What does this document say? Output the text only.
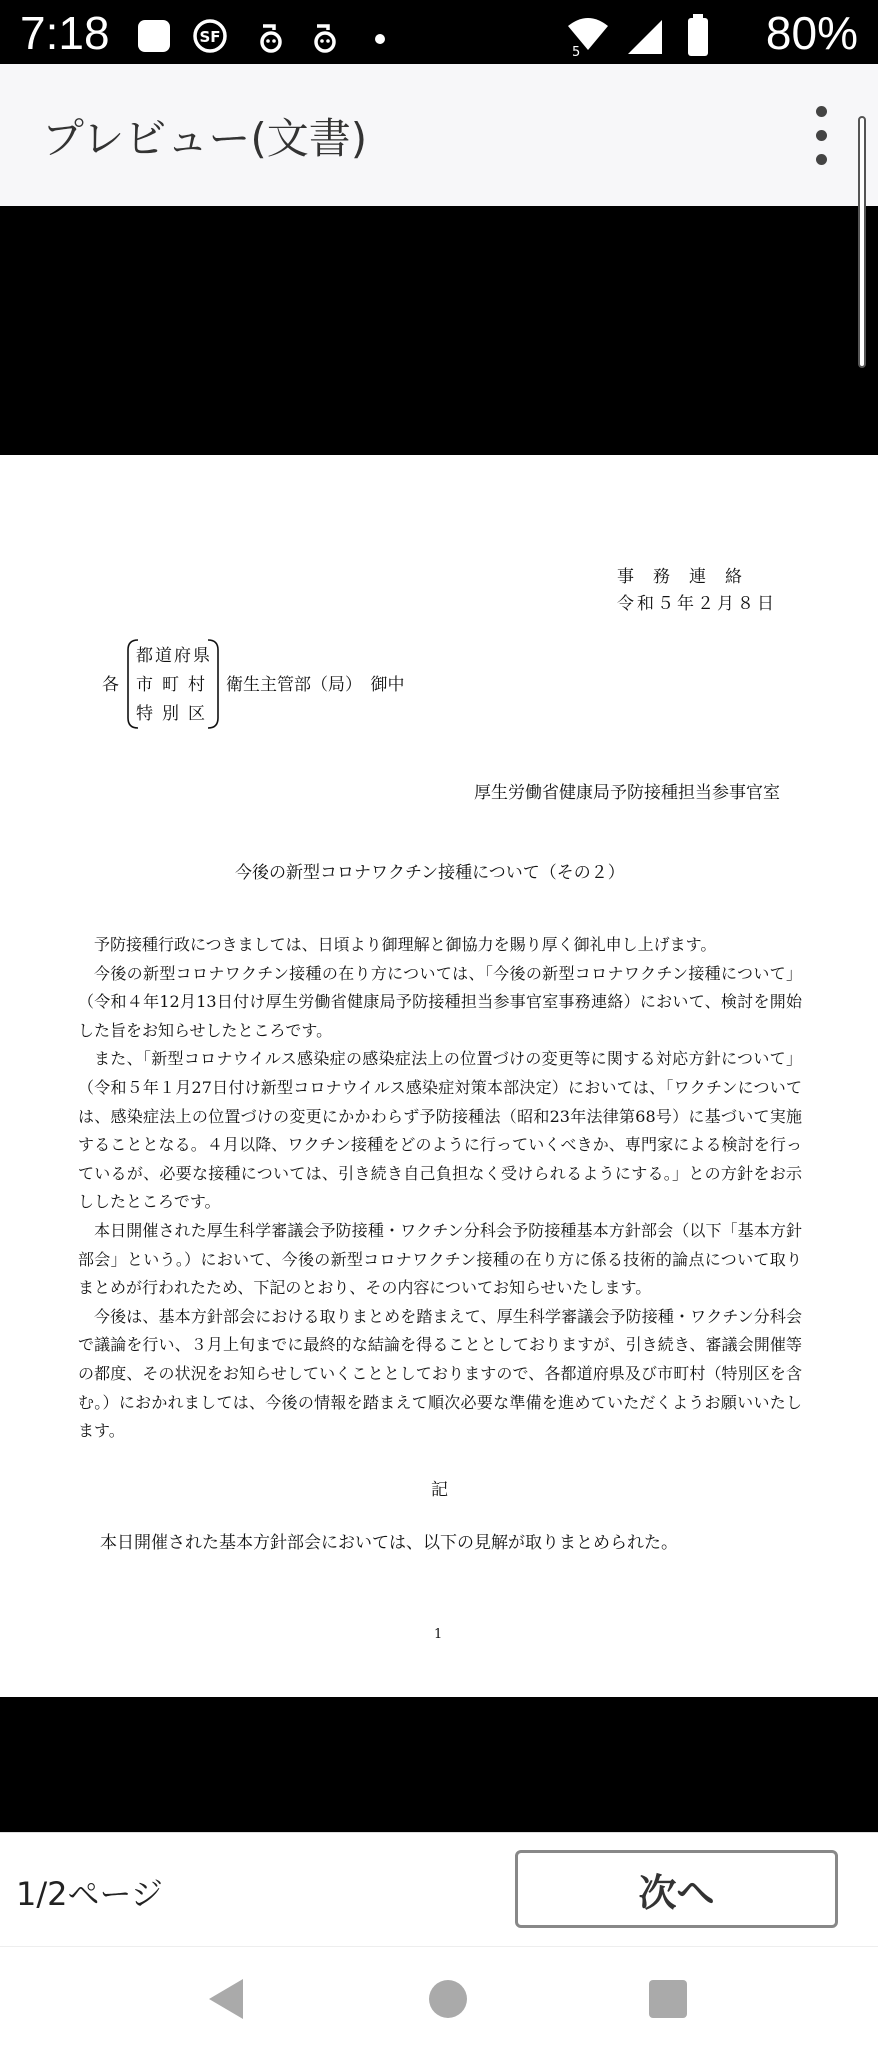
7:18	SF
5	80%
プレビュー(文書)
事　務　連　絡
令和５年２月８日
各
都道府県
市町村
特別区
衛生主管部（局）　御中
厚生労働省健康局予防接種担当参事官室
今後の新型コロナワクチン接種について（その２）

予防接種行政につきましては、日頃より御理解と御協力を賜り厚く御礼申し上げます。

今後の新型コロナワクチン接種の在り方については、「今後の新型コロナワクチン接種について」（令和４年12月13日付け厚生労働省健康局予防接種担当参事官室事務連絡）において、検討を開始した旨をお知らせしたところです。

また、「新型コロナウイルス感染症の感染症法上の位置づけの変更等に関する対応方針について」（令和５年１月27日付け新型コロナウイルス感染症対策本部決定）においては、「ワクチンについては、感染症法上の位置づけの変更にかかわらず予防接種法（昭和23年法律第68号）に基づいて実施することとなる。４月以降、ワクチン接種をどのように行っていくべきか、専門家による検討を行っているが、必要な接種については、引き続き自己負担なく受けられるようにする。」との方針をお示ししたところです。

本日開催された厚生科学審議会予防接種・ワクチン分科会予防接種基本方針部会（以下「基本方針部会」という。）において、今後の新型コロナワクチン接種の在り方に係る技術的論点について取りまとめが行われたため、下記のとおり、その内容についてお知らせいたします。

今後は、基本方針部会における取りまとめを踏まえて、厚生科学審議会予防接種・ワクチン分科会で議論を行い、３月上旬までに最終的な結論を得ることとしておりますが、引き続き、審議会開催等の都度、その状況をお知らせしていくこととしておりますので、各都道府県及び市町村（特別区を含む。）におかれましては、今後の情報を踏まえて順次必要な準備を進めていただくようお願いいたします。

記
本日開催された基本方針部会においては、以下の見解が取りまとめられた。
1
1/2ページ	次へ
